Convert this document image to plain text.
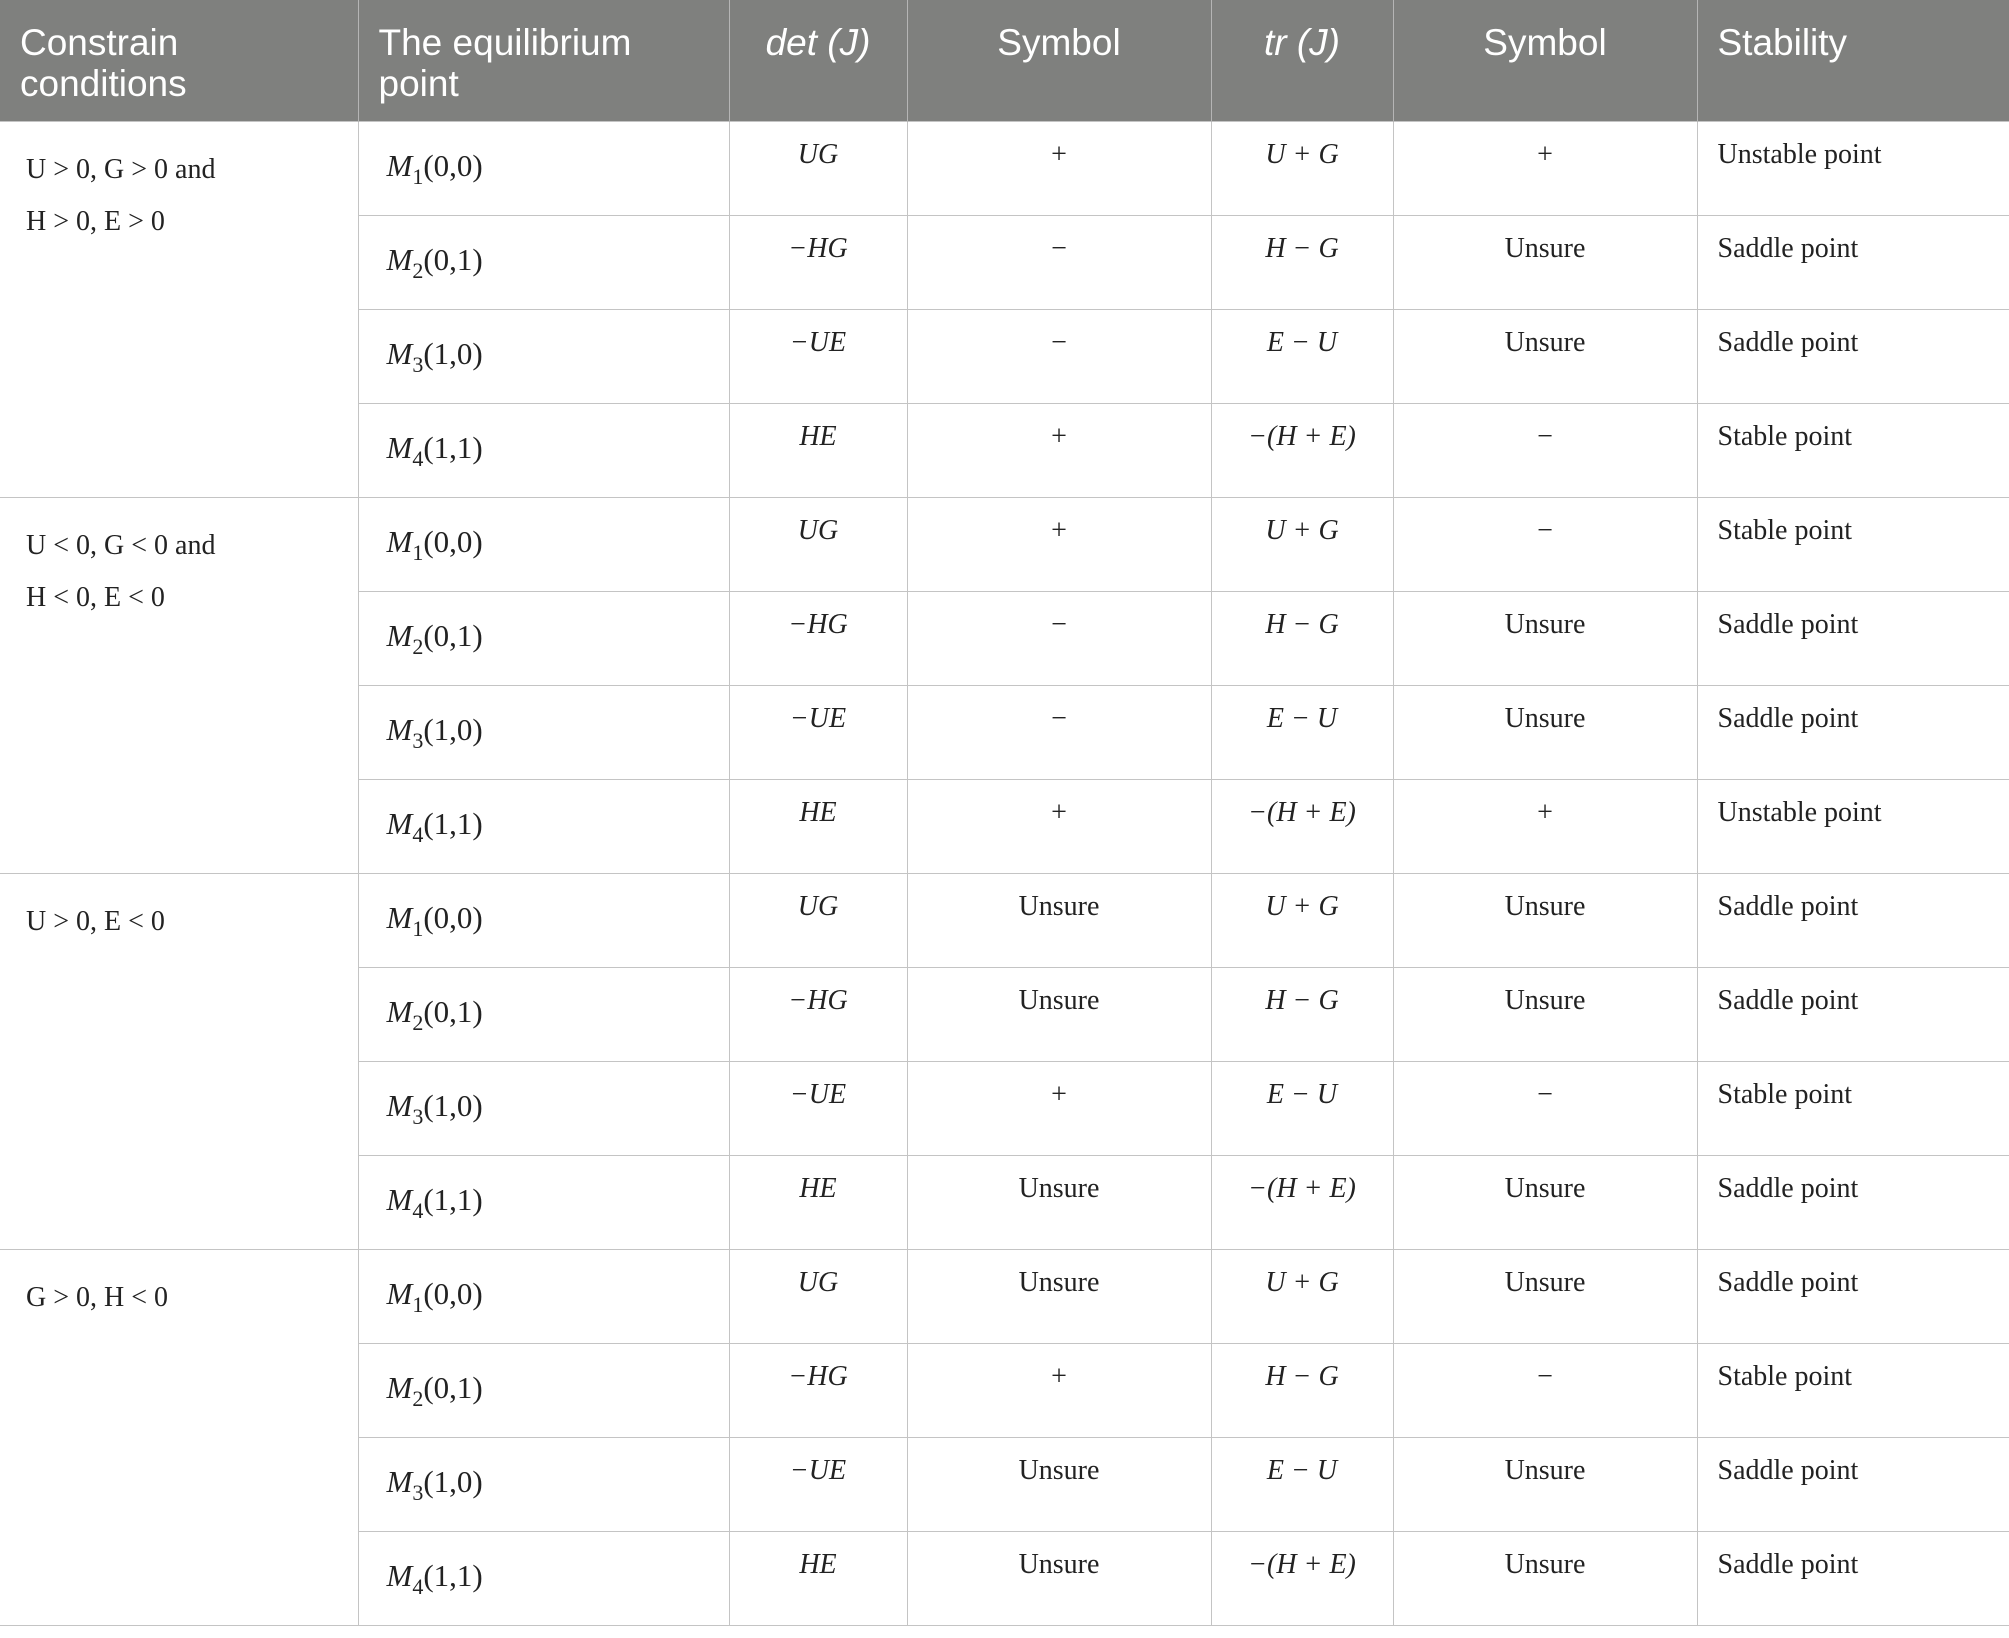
Constrain conditions	The equilibrium point	det (J)	Symbol	tr (J)	Symbol	Stability

U > 0, G > 0 and
H > 0, E > 0	$M_1(0,0)$	UG	+	U + G	+	Unstable point
	$M_2(0,1)$	−HG	−	H − G	Unsure	Saddle point
	$M_3(1,0)$	−UE	−	E − U	Unsure	Saddle point
	$M_4(1,1)$	HE	+	−(H + E)	−	Stable point

U < 0, G < 0 and
H < 0, E < 0	$M_1(0,0)$	UG	+	U + G	−	Stable point
	$M_2(0,1)$	−HG	−	H − G	Unsure	Saddle point
	$M_3(1,0)$	−UE	−	E − U	Unsure	Saddle point
	$M_4(1,1)$	HE	+	−(H + E)	+	Unstable point

U > 0, E < 0	$M_1(0,0)$	UG	Unsure	U + G	Unsure	Saddle point
	$M_2(0,1)$	−HG	Unsure	H − G	Unsure	Saddle point
	$M_3(1,0)$	−UE	+	E − U	−	Stable point
	$M_4(1,1)$	HE	Unsure	−(H + E)	Unsure	Saddle point

G > 0, H < 0	$M_1(0,0)$	UG	Unsure	U + G	Unsure	Saddle point
	$M_2(0,1)$	−HG	+	H − G	−	Stable point
	$M_3(1,0)$	−UE	Unsure	E − U	Unsure	Saddle point
	$M_4(1,1)$	HE	Unsure	−(H + E)	Unsure	Saddle point
